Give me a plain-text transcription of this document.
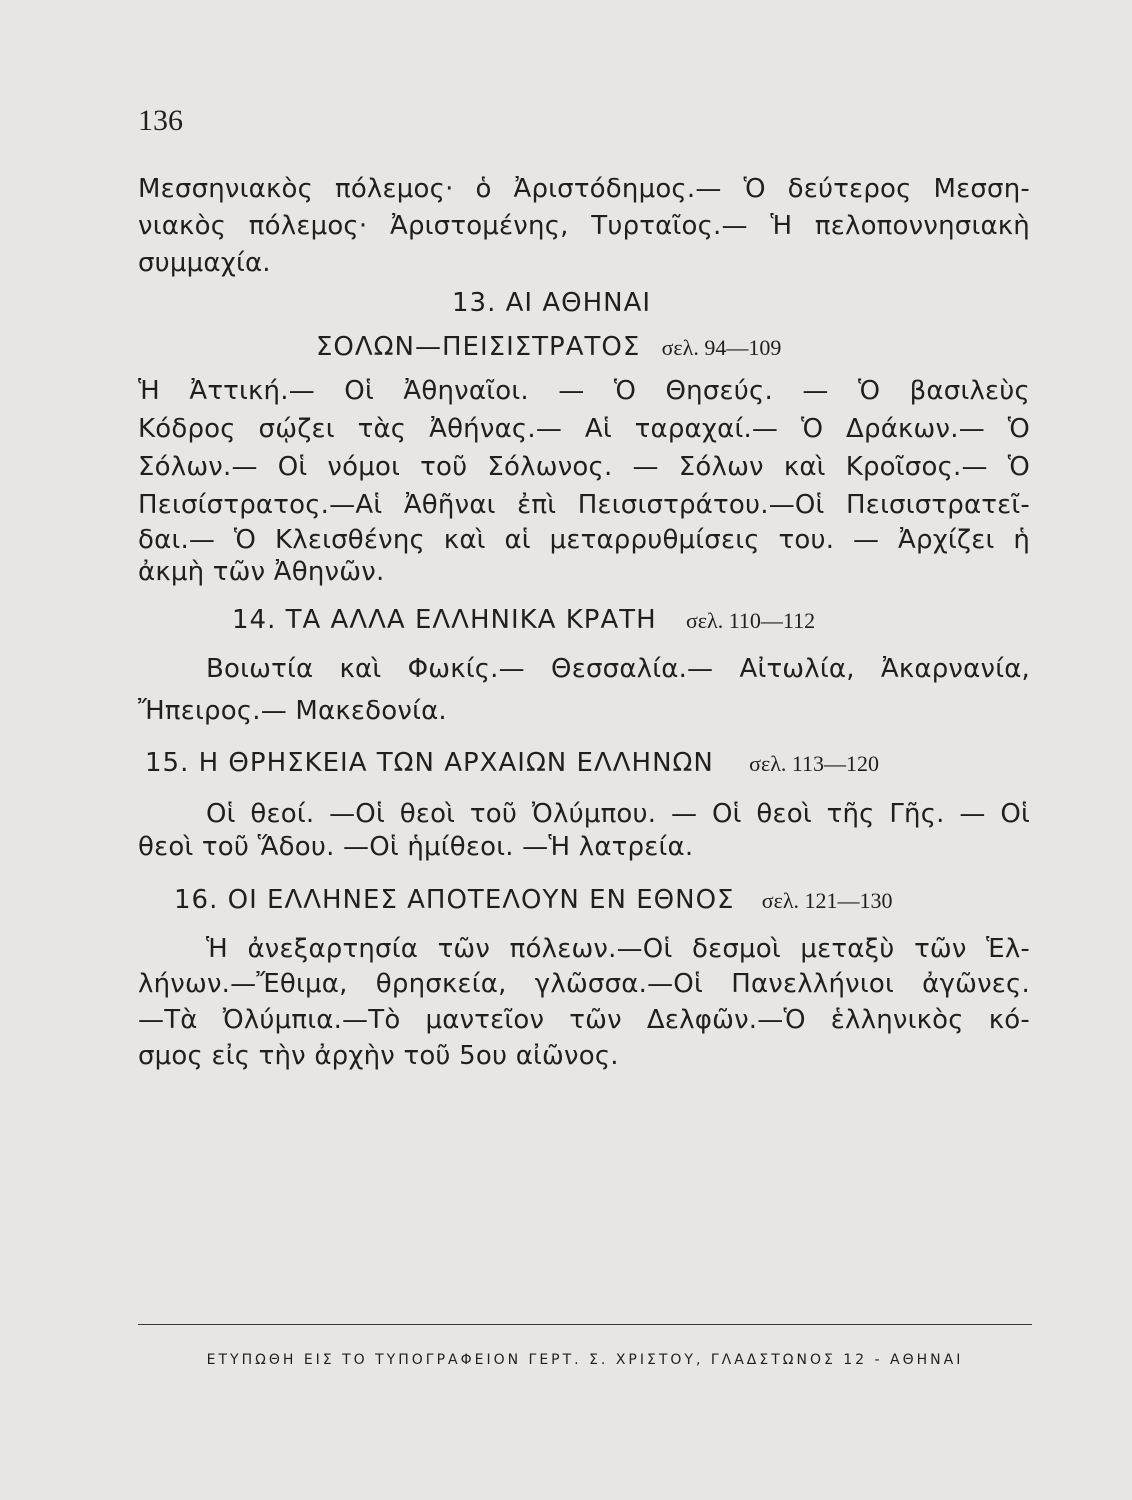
136
Μεσσηνιακὸς πόλεμος· ὁ Ἀριστόδημος.— Ὁ δεύτερος Μεσση-
νιακὸς πόλεμος· Ἀριστομένης, Τυρταῖος.— Ἡ πελοποννησιακὴ
συμμαχία.
13. ΑΙ ΑΘΗΝΑΙ
ΣΟΛΩΝ—ΠΕΙΣΙΣΤΡΑΤΟΣ σελ. 94—109
Ἡ Ἀττική.— Οἱ Ἀθηναῖοι. — Ὁ Θησεύς. — Ὁ βασιλεὺς
Κόδρος σῴζει τὰς Ἀθήνας.— Αἱ ταραχαί.— Ὁ Δράκων.— Ὁ
Σόλων.— Οἱ νόμοι τοῦ Σόλωνος. — Σόλων καὶ Κροῖσος.— Ὁ
Πεισίστρατος.—Αἱ Ἀθῆναι ἐπὶ Πεισιστράτου.—Οἱ Πεισιστρατεῖ-
δαι.— Ὁ Κλεισθένης καὶ αἱ μεταρρυθμίσεις του. — Ἀρχίζει ἡ
ἀκμὴ τῶν Ἀθηνῶν.
14. ΤΑ ΑΛΛΑ ΕΛΛΗΝΙΚΑ ΚΡΑΤΗ σελ. 110—112
Βοιωτία καὶ Φωκίς.— Θεσσαλία.— Αἰτωλία, Ἀκαρνανία,
Ἤπειρος.— Μακεδονία.
15. Η ΘΡΗΣΚΕΙΑ ΤΩΝ ΑΡΧΑΙΩΝ ΕΛΛΗΝΩΝ σελ. 113—120
Οἱ θεοί. —Οἱ θεοὶ τοῦ Ὀλύμπου. — Οἱ θεοὶ τῆς Γῆς. — Οἱ
θεοὶ τοῦ Ἅδου. —Οἱ ἡμίθεοι. —Ἡ λατρεία.
16. ΟΙ ΕΛΛΗΝΕΣ ΑΠΟΤΕΛΟΥΝ ΕΝ ΕΘΝΟΣ σελ. 121—130
Ἡ ἀνεξαρτησία τῶν πόλεων.—Οἱ δεσμοὶ μεταξὺ τῶν Ἑλ-
λήνων.—Ἔθιμα, θρησκεία, γλῶσσα.—Οἱ Πανελλήνιοι ἀγῶνες.
—Τὰ Ὀλύμπια.—Τὸ μαντεῖον τῶν Δελφῶν.—Ὁ ἑλληνικὸς κό-
σμος εἰς τὴν ἀρχὴν τοῦ 5ου αἰῶνος.
ΕΤΥΠΩΘΗ ΕΙΣ ΤΟ ΤΥΠΟΓΡΑΦΕΙΟΝ ΓΕΡΤ. Σ. ΧΡΙΣΤΟΥ, ΓΛΑΔΣΤΩΝΟΣ 12 - ΑΘΗΝΑΙ
